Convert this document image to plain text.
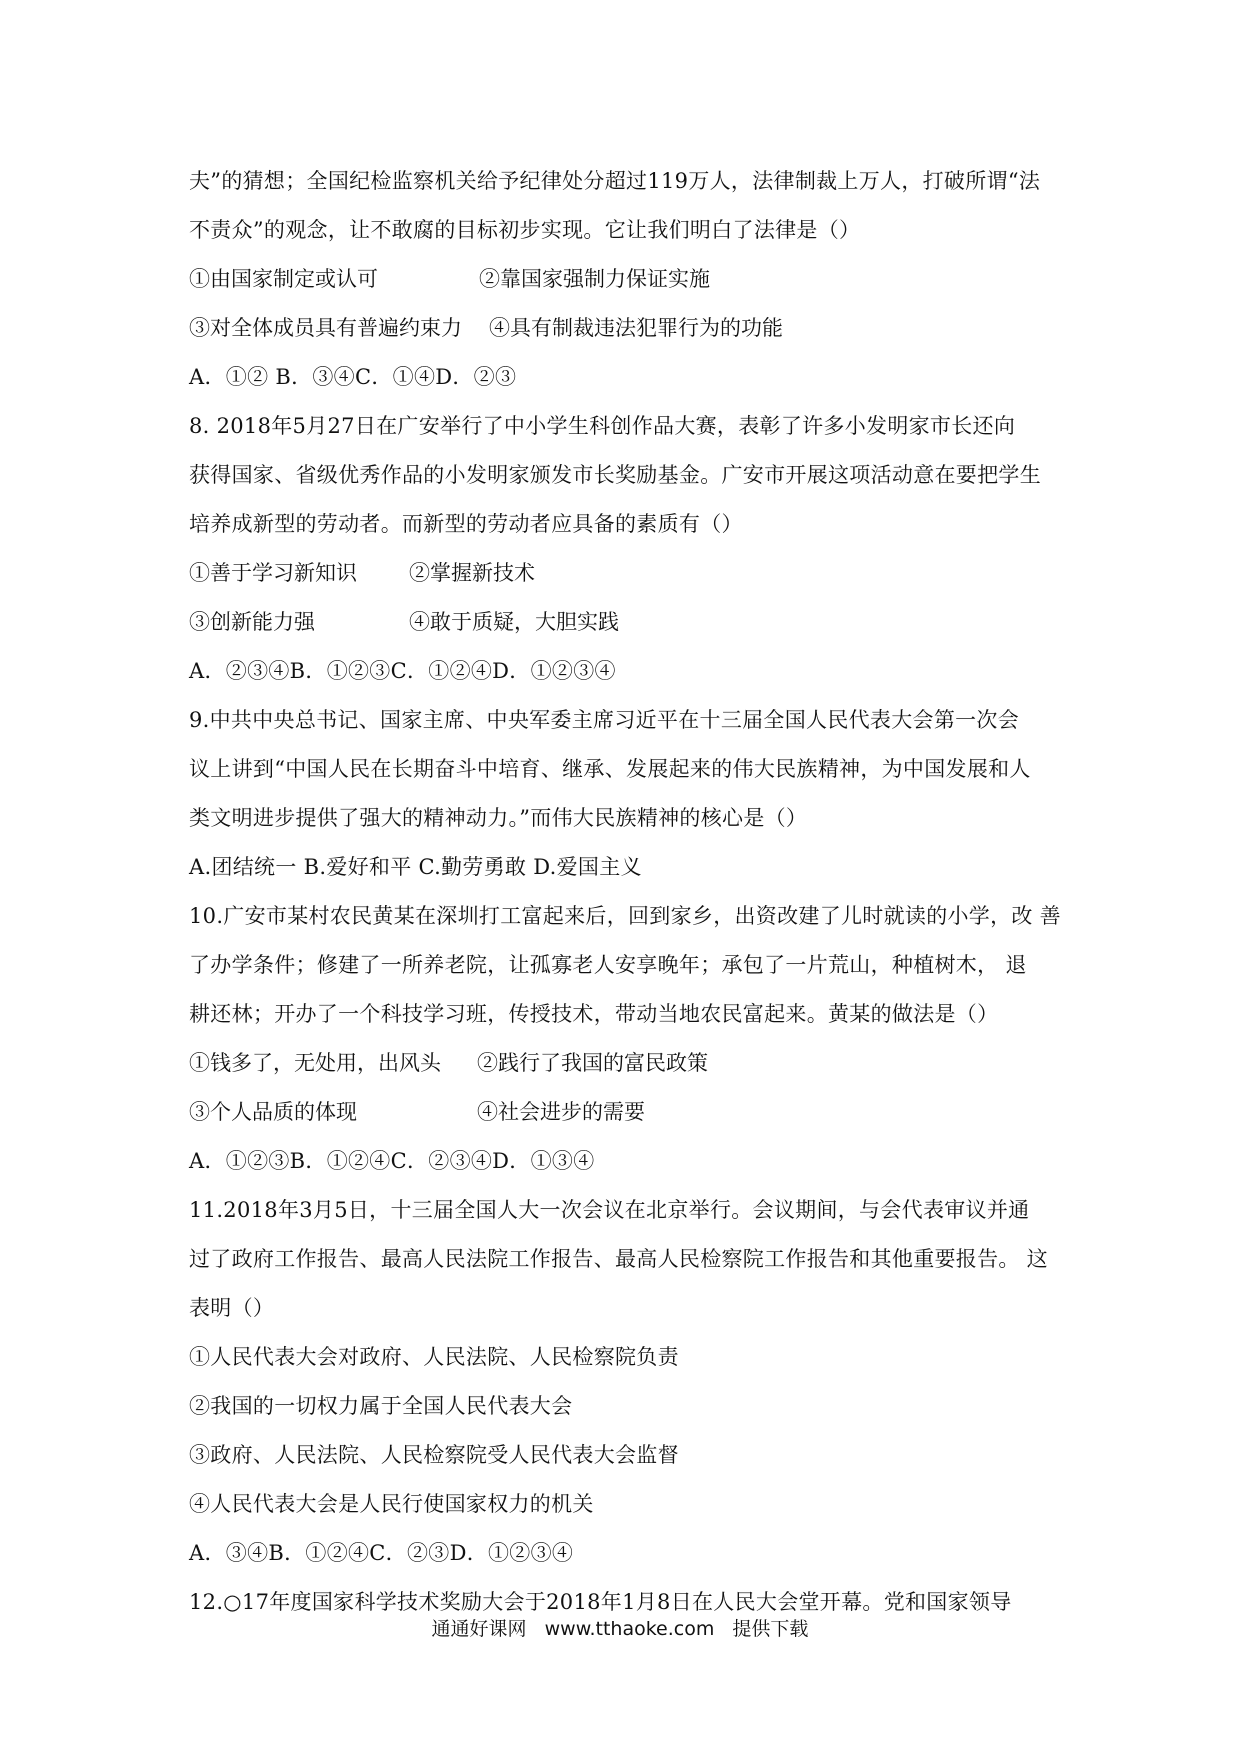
夫”的猜想；全国纪检监察机关给予纪律处分超过119万人，法律制裁上万人，打破所谓“法
不责众”的观念，让不敢腐的目标初步实现。它让我们明白了法律是（）
①由国家制定或认可	②靠国家强制力保证实施
③对全体成员具有普遍约束力	④具有制裁违法犯罪行为的功能
A．①② B．③④C．①④D．②③
8. 2018年5月27日在广安举行了中小学生科创作品大赛，表彰了许多小发明家市长还向
获得国家、省级优秀作品的小发明家颁发市长奖励基金。广安市开展这项活动意在要把学生
培养成新型的劳动者。而新型的劳动者应具备的素质有（）
①善于学习新知识	②掌握新技术
③创新能力强	④敢于质疑，大胆实践
A．②③④B．①②③C．①②④D．①②③④
9.中共中央总书记、国家主席、中央军委主席习近平在十三届全国人民代表大会第一次会
议上讲到“中国人民在长期奋斗中培育、继承、发展起来的伟大民族精神，为中国发展和人
类文明进步提供了强大的精神动力。”而伟大民族精神的核心是（）
A.团结统一 B.爱好和平 C.勤劳勇敢 D.爱国主义
10.广安市某村农民黄某在深圳打工富起来后，回到家乡，出资改建了儿时就读的小学，改 善
了办学条件；修建了一所养老院，让孤寡老人安享晚年；承包了一片荒山，种植树木， 退
耕还林；开办了一个科技学习班，传授技术，带动当地农民富起来。黄某的做法是（）
①钱多了，无处用，出风头	②践行了我国的富民政策
③个人品质的体现	④社会进步的需要
A．①②③B．①②④C．②③④D．①③④
11.2018年3月5日，十三届全国人大一次会议在北京举行。会议期间，与会代表审议并通
过了政府工作报告、最高人民法院工作报告、最高人民检察院工作报告和其他重要报告。 这
表明（）
①人民代表大会对政府、人民法院、人民检察院负责
②我国的一切权力属于全国人民代表大会
③政府、人民法院、人民检察院受人民代表大会监督
④人民代表大会是人民行使国家权力的机关
A．③④B．①②④C．②③D．①②③④
12.○17年度国家科学技术奖励大会于2018年1月8日在人民大会堂开幕。党和国家领导
通通好课网 www.tthaoke.com 提供下载
